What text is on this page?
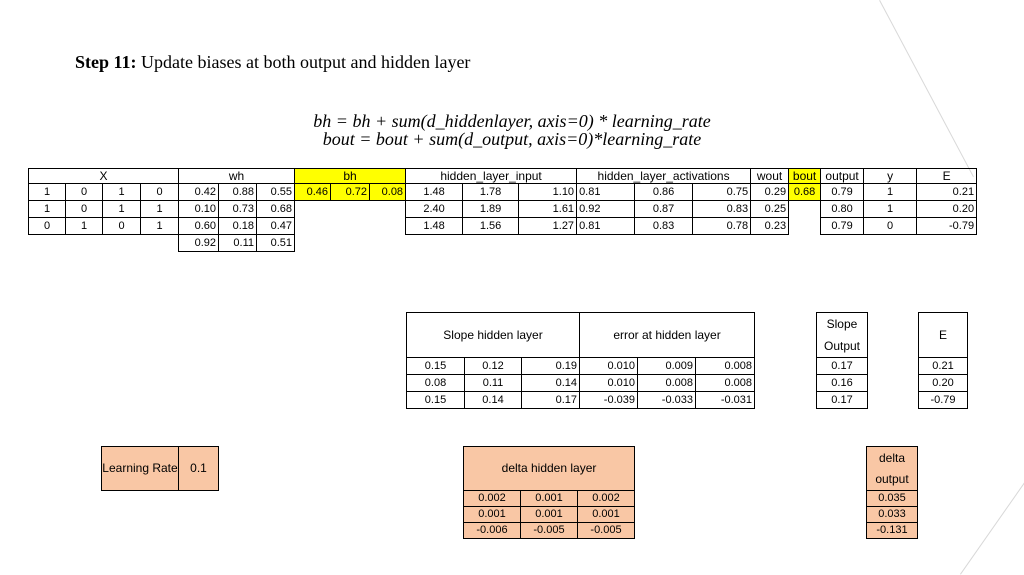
Step 11: Update biases at both output and hidden layer
bh = bh + sum(d_hiddenlayer, axis=0) * learning_rate
bout = bout + sum(d_output, axis=0)*learning_rate
X				wh			bh			hidden_layer_input			hidden_layer_activations			wout	bout	output	y	E
1	0	1	0	0.42	0.88	0.55	0.46	0.72	0.08	1.48	1.78	1.10	0.81	0.86	0.75	0.29	0.68	0.79	1	0.21
1	0	1	1	0.10	0.73	0.68				2.40	1.89	1.61	0.92	0.87	0.83	0.25		0.80	1	0.20
0	1	0	1	0.60	0.18	0.47				1.48	1.56	1.27	0.81	0.83	0.78	0.23		0.79	0	-0.79
				0.92	0.11	0.51														
Slope hidden layer			error at hidden layer		
0.15	0.12	0.19	0.010	0.009	0.008
0.08	0.11	0.14	0.010	0.008	0.008
0.15	0.14	0.17	-0.039	-0.033	-0.031
Slope
Output
0.17
0.16
0.17
E
0.21
0.20
-0.79
Learning Rate	0.1	delta hidden layer		
0.002	0.001	0.002
0.001	0.001	0.001
-0.006	-0.005	-0.005
delta
output
0.035
0.033
-0.131
